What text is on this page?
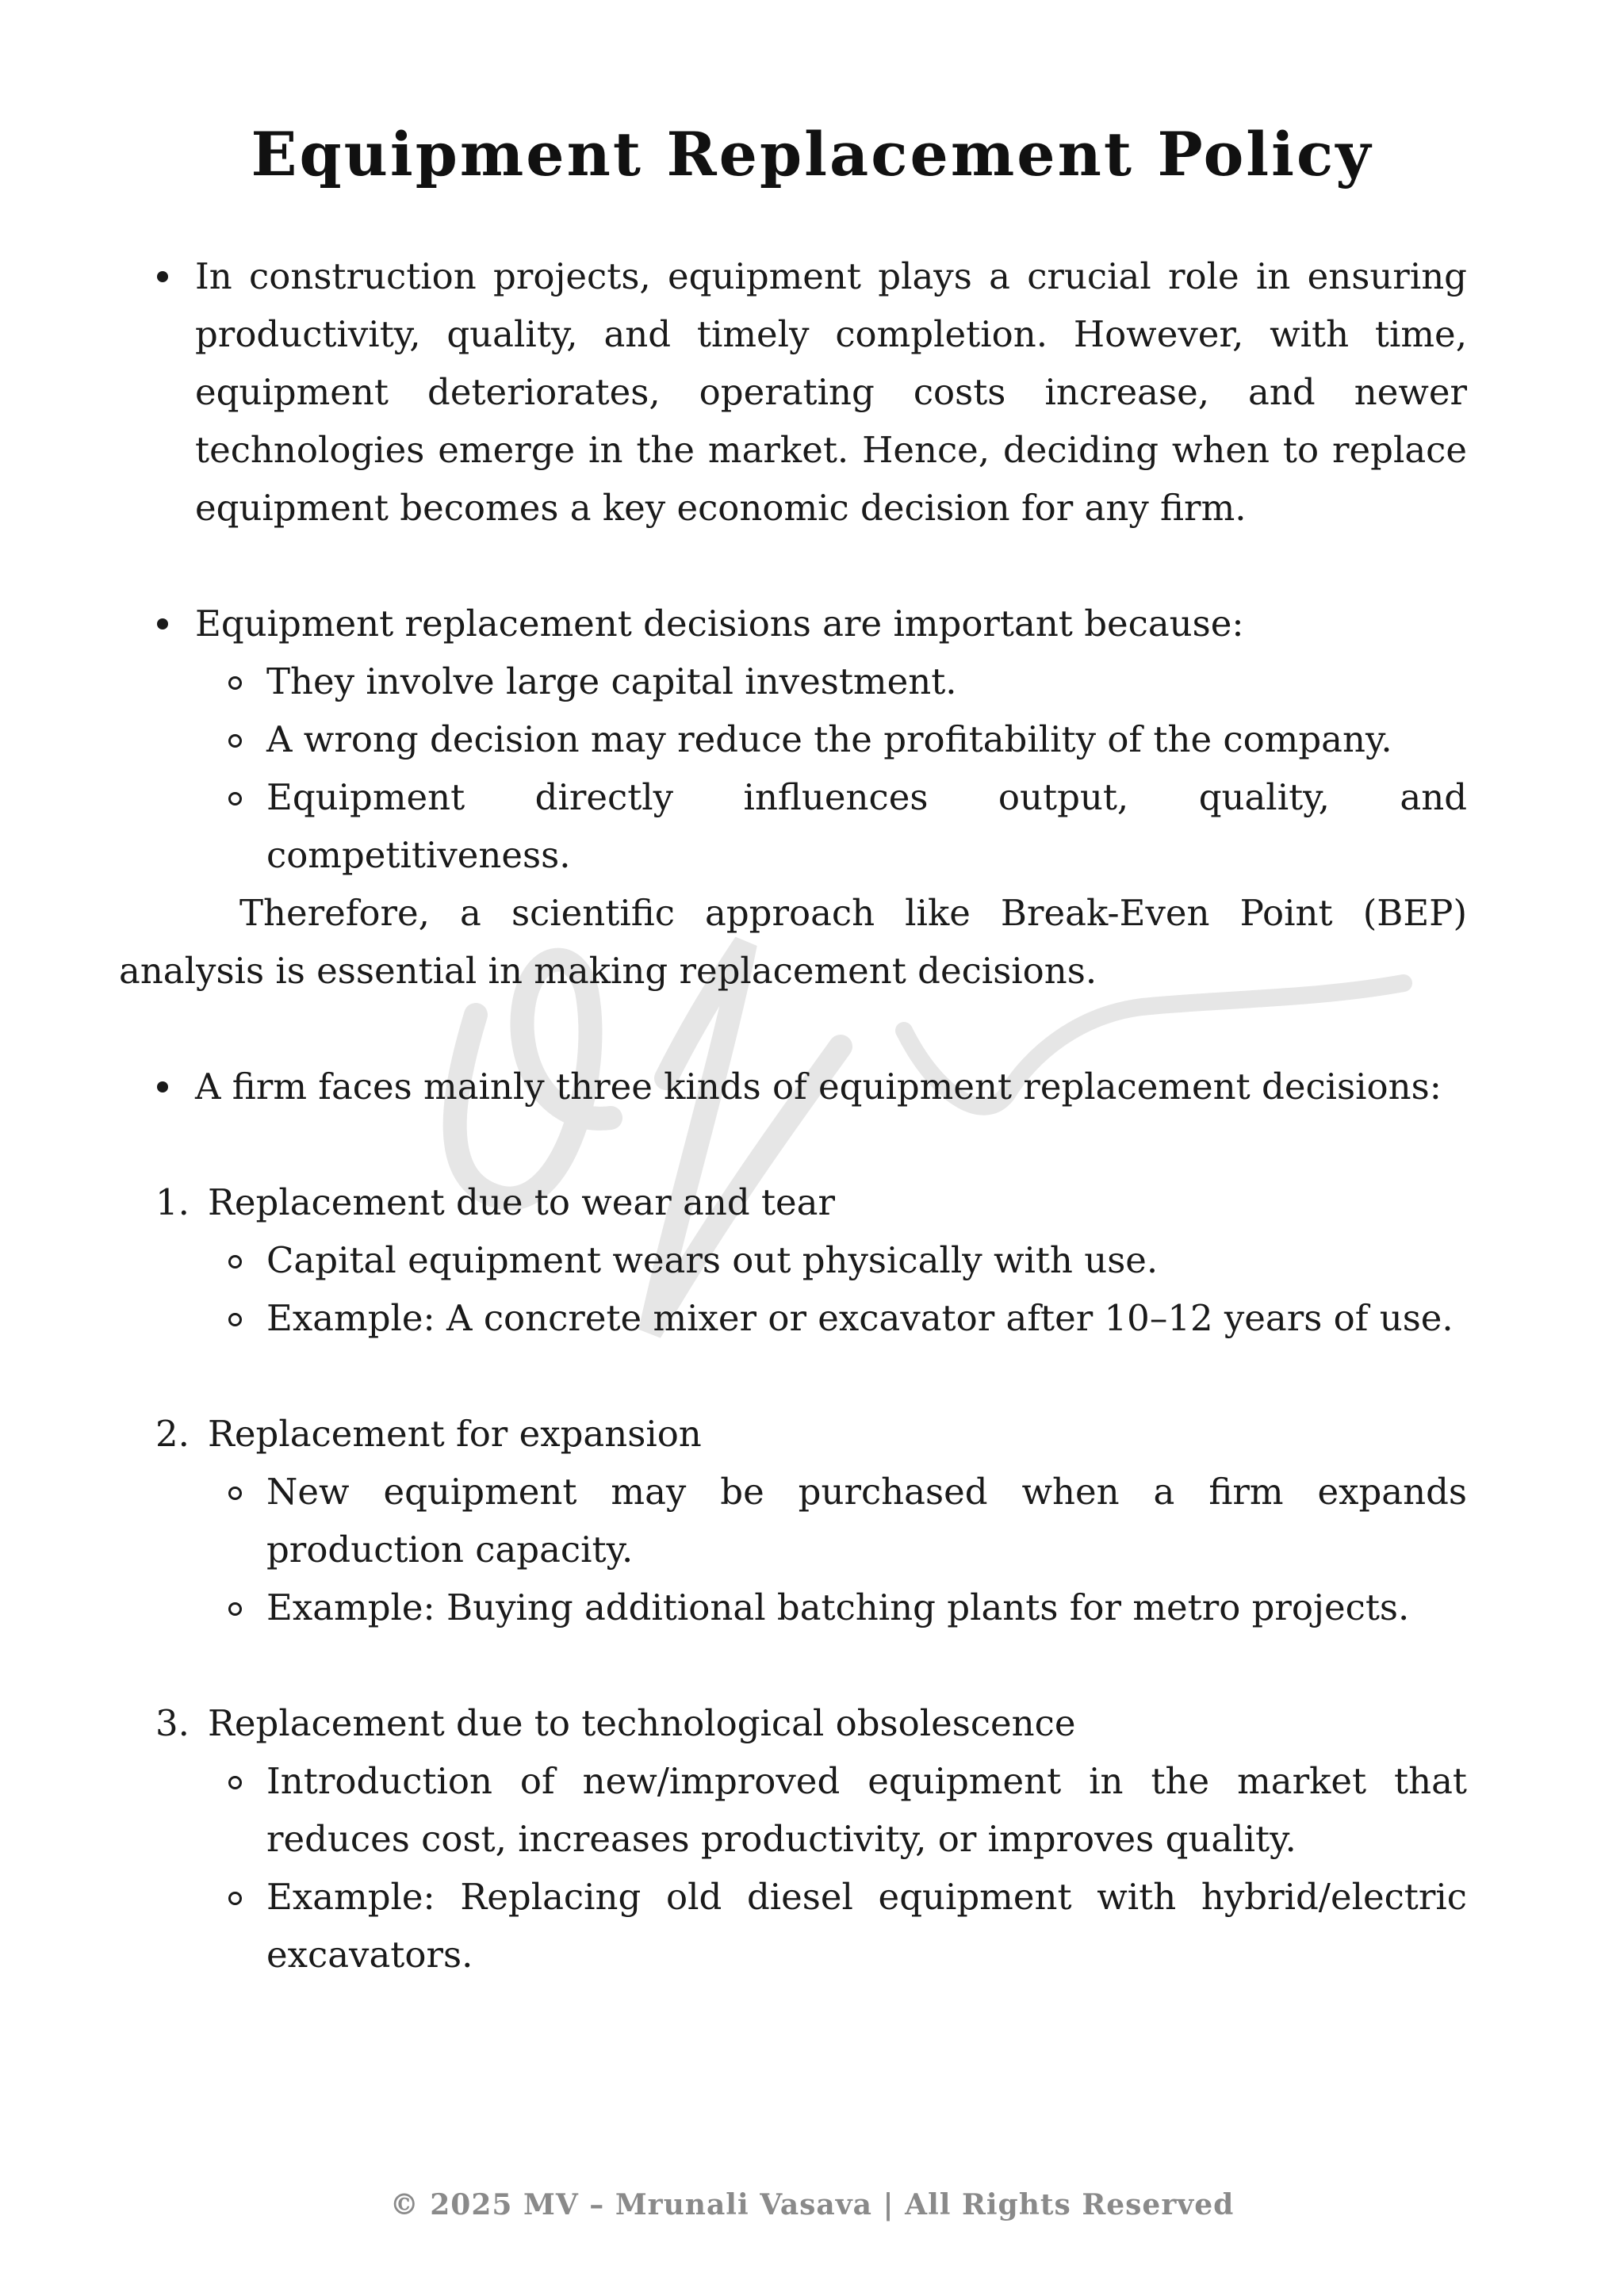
Equipment Replacement Policy
In construction projects, equipment plays a crucial role in ensuring productivity, quality, and timely completion. However, with time, equipment deteriorates, operating costs increase, and newer technologies emerge in the market. Hence, deciding when to replace equipment becomes a key economic decision for any firm.
Equipment replacement decisions are important because:
They involve large capital investment.
A wrong decision may reduce the profitability of the company.
Equipment directly influences output, quality, and competitiveness.
Therefore, a scientific approach like Break-Even Point (BEP) analysis is essential in making replacement decisions.
A firm faces mainly three kinds of equipment replacement decisions:
1. Replacement due to wear and tear
Capital equipment wears out physically with use.
Example: A concrete mixer or excavator after 10–12 years of use.
2. Replacement for expansion
New equipment may be purchased when a firm expands production capacity.
Example: Buying additional batching plants for metro projects.
3. Replacement due to technological obsolescence
Introduction of new/improved equipment in the market that reduces cost, increases productivity, or improves quality.
Example: Replacing old diesel equipment with hybrid/electric excavators.
© 2025 MV – Mrunali Vasava | All Rights Reserved
